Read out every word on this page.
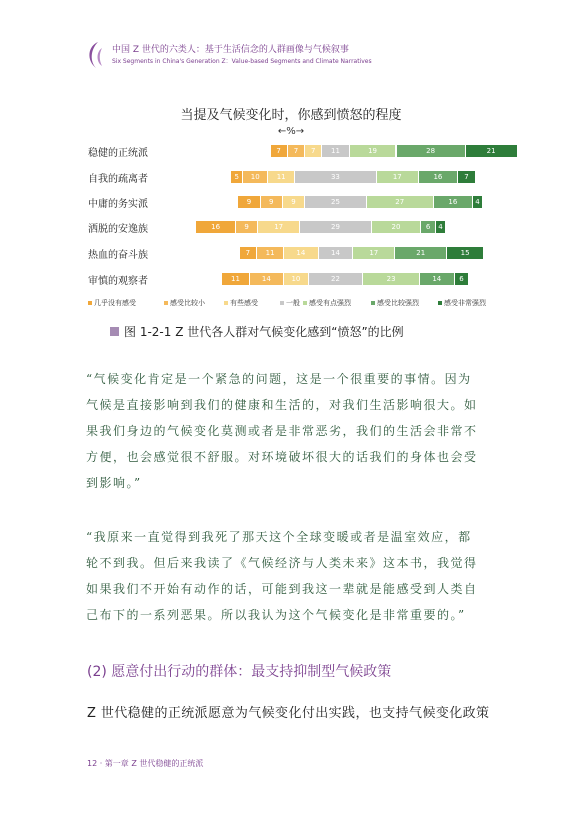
中国 Z 世代的六类人：基于生活信念的人群画像与气候叙事
Six Segments in China's Generation Z：Value-based Segments and Climate Narratives
当提及气候变化时，你感到愤怒的程度
←%→
稳健的正统派	7	7	7	11	19	28	21
自我的疏离者	5	10	11	33	17	16	7
中庸的务实派	9	9	9	25	27	16	4
洒脱的安逸族	16	9	17	29	20	6	4
热血的奋斗族	7	11	14	14	17	21	15
审慎的观察者	11	14	10	22	23	14	6
几乎没有感受	感受比较小	有些感受	一般	感受有点强烈	感受比较强烈	感受非常强烈
图 1-2-1 Z 世代各人群对气候变化感到“愤怒”的比例
“气候变化肯定是一个紧急的问题，这是一个很重要的事情。因为
气候是直接影响到我们的健康和生活的，对我们生活影响很大。如
果我们身边的气候变化莫测或者是非常恶劣，我们的生活会非常不
方便，也会感觉很不舒服。对环境破坏很大的话我们的身体也会受
到影响。”
“我原来一直觉得到我死了那天这个全球变暖或者是温室效应，都
轮不到我。但后来我读了《气候经济与人类未来》这本书，我觉得
如果我们不开始有动作的话，可能到我这一辈就是能感受到人类自
己布下的一系列恶果。所以我认为这个气候变化是非常重要的。”
(2) 愿意付出行动的群体：最支持抑制型气候政策
Z 世代稳健的正统派愿意为气候变化付出实践，也支持气候变化政策
12 · 第一章 Z 世代稳健的正统派
